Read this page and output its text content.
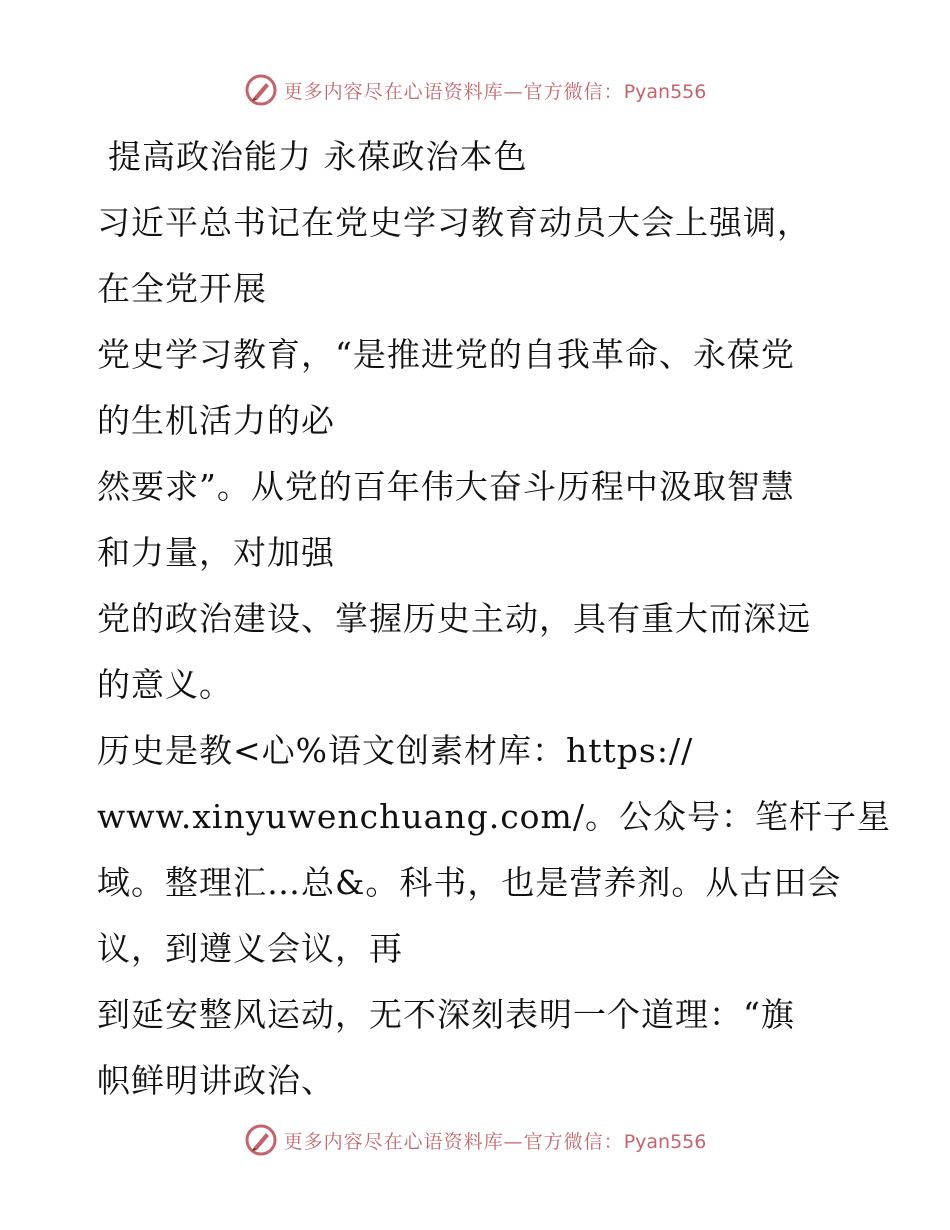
更多内容尽在心语资料库—官方微信：Pyan556
提高政治能力 永葆政治本色
习近平总书记在党史学习教育动员大会上强调，
在全党开展
党史学习教育，“是推进党的自我革命、永葆党
的生机活力的必
然要求”。从党的百年伟大奋斗历程中汲取智慧
和力量，对加强
党的政治建设、掌握历史主动，具有重大而深远
的意义。
历史是教<心%语文创素材库：https://
www.xinyuwenchuang.com/。公众号：笔杆子星
域。整理汇…总&。科书，也是营养剂。从古田会
议，到遵义会议，再
到延安整风运动，无不深刻表明一个道理：“旗
帜鲜明讲政治、
更多内容尽在心语资料库—官方微信：Pyan556
